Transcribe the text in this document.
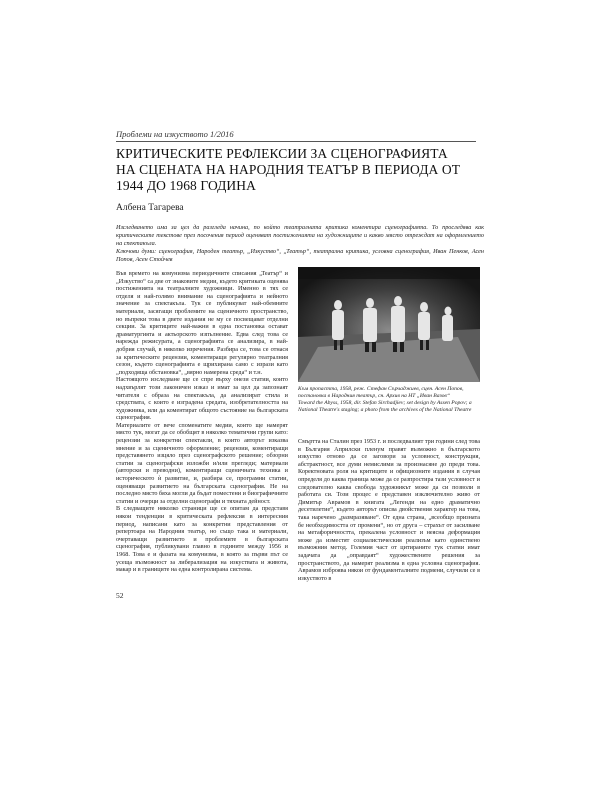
Проблеми на изкуството 1/2016
КРИТИЧЕСКИТЕ РЕФЛЕКСИИ ЗА СЦЕНОГРАФИЯТА
НА СЦЕНАТА НА НАРОДНИЯ ТЕАТЪР В ПЕРИОДА ОТ
1944 ДО 1968 ГОДИНА
Албена Тагарева

Изследването има за цел да разгледа начина, по който театралната критика коментира сценографията. То проследява как критическите текстове през посочения период оценяват постиженията на художниците и какво място отреждат на оформлението на спектакъла.

Ключови думи: сценография, Народен театър, „Изкуство“, „Театър“, театрална критика, условна сценография, Иван Пенков, Асен Попов, Асен Стойчев

Във времето на комунизма периодичните списания „Театър“ и „Изкуство“ са две от знаковите медии, където критиката оценява постиженията на театралните художници. Именно в тях се отделя и най-голямо внимание на сценографията и нейното значение за спектакъла. Тук се публикуват най-обемните материали, засягащи проблемите на сценичното пространство, но въпреки това в двете издания не му се посвещават отделни секции. За критиците най-важни в една постановка остават драматургията и актьорското изпълнение. Едва след това се нарежда режисурата, а сценографията се анализира, в най-добрия случай, в няколко изречения. Разбира се, това се отнася за критическите рецензии, коментиращи регулярно театралния сезон, където сценографията е щрихирана само с изрази като „подходяща обстановка“, „вярно намерена среда“ и т.н.

Настоящото изследване ще се спре върху онези статии, които надхвърлят този лаконичен изказ и имат за цел да запознаят читателя с образа на спектакъла, да анализират стила и средствата, с които е изградена средата, изобретателността на художника, или да коментират общото състояние на българската сценография.

Материалите от вече споменатите медии, които ще намерят място тук, могат да се обобщят в няколко тематични групи като: рецензии за конкретни спектакли, в които авторът изказва мнение и за сценичното оформление; рецензии, коментиращи представянето изцяло през сценографското решение; обзорни статии за сценографски изложби и/или прегледи; материали (авторски и преводни), коментиращи сценичната техника и историческото ѝ развитие, и, разбира се, програмни статии, оценяващи развитието на българската сценография. Не на последно място бяха могли да бъдат поместени и биографичните статии и очерци за отделни сценографи и тяхната дейност.

В следващите няколко страници ще се опитам да представя някои тенденции в критическата рефлексия в интересния период, написани като за конкретни представления от репертоара на Народния театър, но също така и материали, очертаващи развитието и проблемите в българската сценография, публикувани главно в годините между 1956 и 1968. Това е и фазата на комунизма, в която за първи път се усеща възможност за либерализация на изкуствата и живота, макар и в границите на една контролирана система.

Към пропастта, 1958, реж. Стефан Сърчаджиев, сцен. Асен Попов, постановка в Народния театър, сн. Архив на НТ „Иван Вазов“

Toward the Abyss, 1958, dir. Stefan Sirchadjiev; set design by Assen Popov; a National Theatre's staging; a photo from the archives of the National Theatre

Смъртта на Сталин през 1953 г. и последвалият три години след това в България Априлски пленум правят възможно в българското изкуство отново да се заговори за условност, конструкция, абстрактност, все думи немислими за произнасяне до преди това. Коректновата роля на критиците и официозните издания в случая определя до каква граница може да се разпростира тази условност и следователно каква свобода художникът може да си позволи в работата си. Този процес е представен изключително живо от Димитър Аврамов в книгата „Легенди на едно драматично десетилетие“, където авторът описва двойствения характер на това, така наречено „размразяване“. От една страна, „всеобщо призната бе необходимостта от промени“, но от друга – страхът от засилване на метафоричността, прекалена условност и неясна деформация може да изместят социалистическия реализъм като единствено възможния метод. Големия част от цитираните тук статии имат задачата да „оправдаят“ художествените решения за пространството, да намерят реализма в една условна сценография. Аврамов изброява някои от фундаменталните подмени, случили се в изкуството в

52
